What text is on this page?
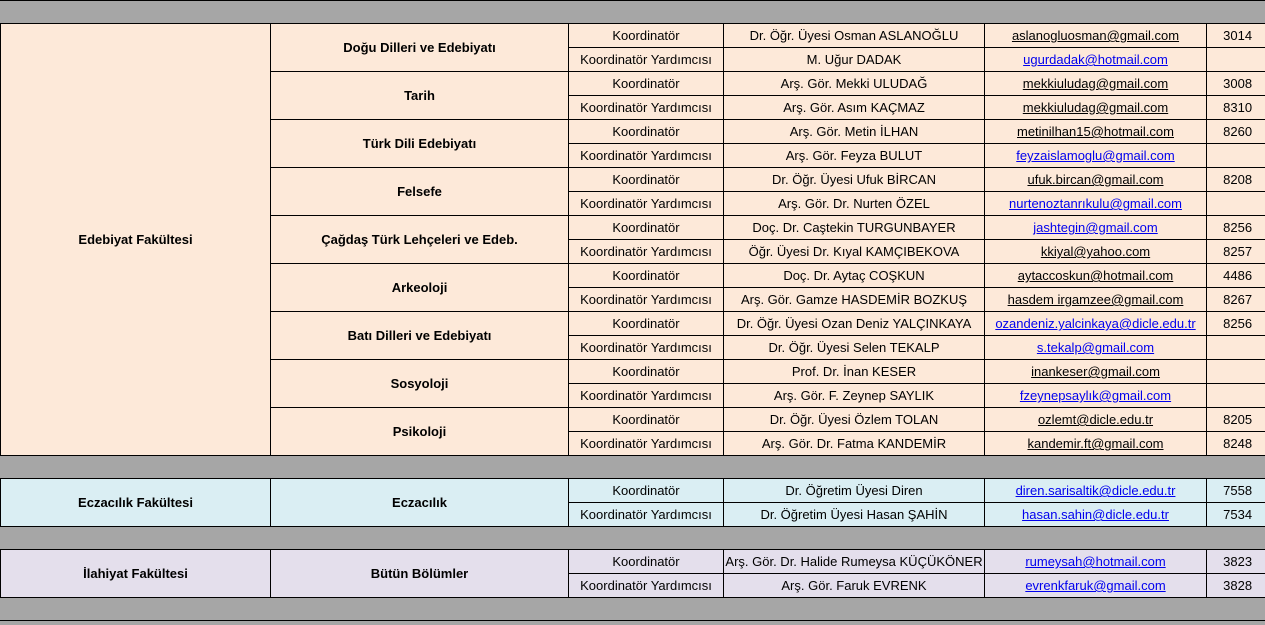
Edebiyat Fakültesi	Doğu Dilleri ve Edebiyatı	Koordinatör	Dr. Öğr. Üyesi Osman ASLANOĞLU	aslanogluosman@gmail.com	3014
		Koordinatör Yardımcısı	M. Uğur DADAK	ugurdadak@hotmail.com	
	Tarih	Koordinatör	Arş. Gör. Mekki ULUDAĞ	mekkiuludag@gmail.com	3008
		Koordinatör Yardımcısı	Arş. Gör. Asım KAÇMAZ	mekkiuludag@gmail.com	8310
	Türk Dili Edebiyatı	Koordinatör	Arş. Gör. Metin İLHAN	metinilhan15@hotmail.com	8260
		Koordinatör Yardımcısı	Arş. Gör. Feyza BULUT	feyzaislamoglu@gmail.com	
	Felsefe	Koordinatör	Dr. Öğr. Üyesi Ufuk BİRCAN	ufuk.bircan@gmail.com	8208
		Koordinatör Yardımcısı	Arş. Gör. Dr. Nurten ÖZEL	nurtenoztanrıkulu@gmail.com	
	Çağdaş Türk Lehçeleri ve Edeb.	Koordinatör	Doç. Dr. Caştekin TURGUNBAYER	jashtegin@gmail.com	8256
		Koordinatör Yardımcısı	Öğr. Üyesi Dr. Kıyal KAMÇIBEKOVA	kkiyal@yahoo.com	8257
	Arkeoloji	Koordinatör	Doç. Dr. Aytaç COŞKUN	aytaccoskun@hotmail.com	4486
		Koordinatör Yardımcısı	Arş. Gör. Gamze HASDEMİR BOZKUŞ	hasdem irgamzee@gmail.com	8267
	Batı Dilleri ve Edebiyatı	Koordinatör	Dr. Öğr. Üyesi Ozan Deniz YALÇINKAYA	ozandeniz.yalcinkaya@dicle.edu.tr	8256
		Koordinatör Yardımcısı	Dr. Öğr. Üyesi Selen TEKALP	s.tekalp@gmail.com	
	Sosyoloji	Koordinatör	Prof. Dr. İnan KESER	inankeser@gmail.com	
		Koordinatör Yardımcısı	Arş. Gör. F. Zeynep SAYLIK	fzeynepsaylık@gmail.com	
	Psikoloji	Koordinatör	Dr. Öğr. Üyesi Özlem TOLAN	ozlemt@dicle.edu.tr	8205
		Koordinatör Yardımcısı	Arş. Gör. Dr. Fatma KANDEMİR	kandemir.ft@gmail.com	8248

Eczacılık Fakültesi	Eczacılık	Koordinatör	Dr. Öğretim Üyesi Diren	diren.sarisaltik@dicle.edu.tr	7558
		Koordinatör Yardımcısı	Dr. Öğretim Üyesi Hasan ŞAHİN	hasan.sahin@dicle.edu.tr	7534

İlahiyat Fakültesi	Bütün Bölümler	Koordinatör	Arş. Gör. Dr. Halide Rumeysa KÜÇÜKÖNER	rumeysah@hotmail.com	3823
		Koordinatör Yardımcısı	Arş. Gör. Faruk EVRENK	evrenkfaruk@gmail.com	3828
